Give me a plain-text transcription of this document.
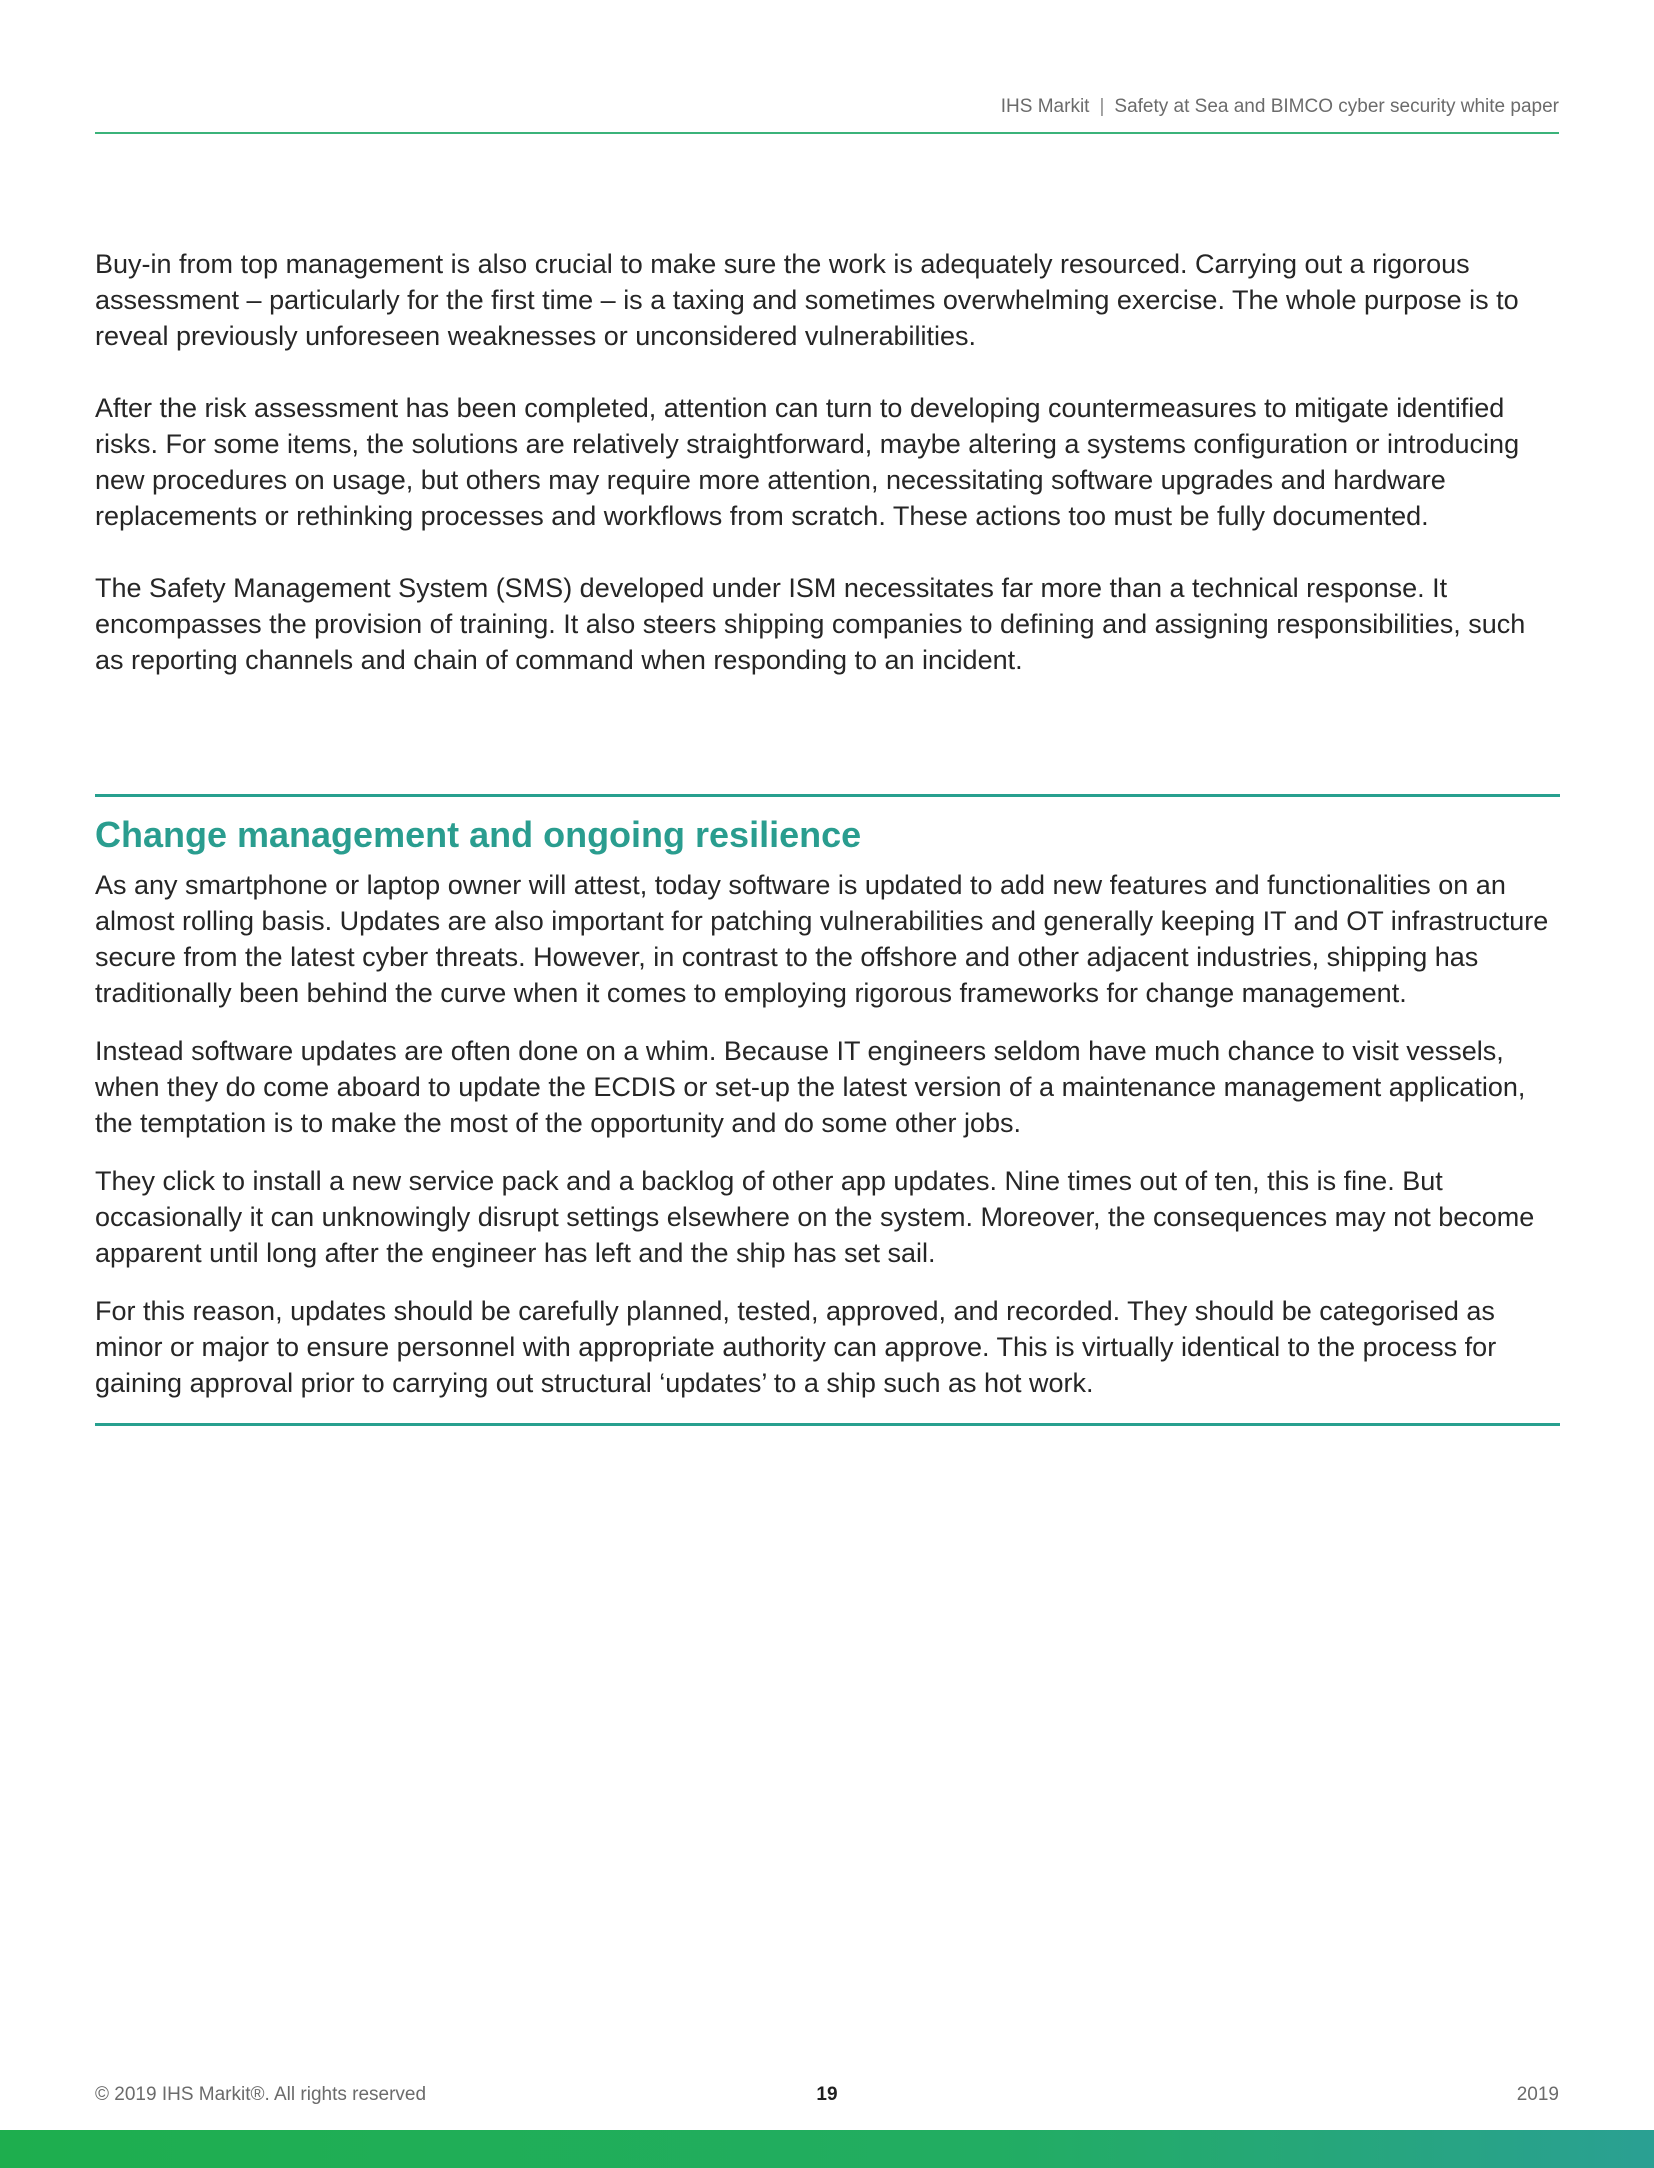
IHS Markit | Safety at Sea and BIMCO cyber security white paper

Buy-in from top management is also crucial to make sure the work is adequately resourced. Carrying out a rigorous assessment – particularly for the first time – is a taxing and sometimes overwhelming exercise. The whole purpose is to reveal previously unforeseen weaknesses or unconsidered vulnerabilities.

After the risk assessment has been completed, attention can turn to developing countermeasures to mitigate identified risks. For some items, the solutions are relatively straightforward, maybe altering a systems configuration or introducing new procedures on usage, but others may require more attention, necessitating software upgrades and hardware replacements or rethinking processes and workflows from scratch. These actions too must be fully documented.

The Safety Management System (SMS) developed under ISM necessitates far more than a technical response. It encompasses the provision of training. It also steers shipping companies to defining and assigning responsibilities, such as reporting channels and chain of command when responding to an incident.

Change management and ongoing resilience

As any smartphone or laptop owner will attest, today software is updated to add new features and functionalities on an almost rolling basis. Updates are also important for patching vulnerabilities and generally keeping IT and OT infrastructure secure from the latest cyber threats. However, in contrast to the offshore and other adjacent industries, shipping has traditionally been behind the curve when it comes to employing rigorous frameworks for change management.

Instead software updates are often done on a whim. Because IT engineers seldom have much chance to visit vessels, when they do come aboard to update the ECDIS or set-up the latest version of a maintenance management application, the temptation is to make the most of the opportunity and do some other jobs.

They click to install a new service pack and a backlog of other app updates. Nine times out of ten, this is fine. But occasionally it can unknowingly disrupt settings elsewhere on the system. Moreover, the consequences may not become apparent until long after the engineer has left and the ship has set sail.

For this reason, updates should be carefully planned, tested, approved, and recorded. They should be categorised as minor or major to ensure personnel with appropriate authority can approve. This is virtually identical to the process for gaining approval prior to carrying out structural ‘updates’ to a ship such as hot work.

© 2019 IHS Markit®. All rights reserved	19	2019
